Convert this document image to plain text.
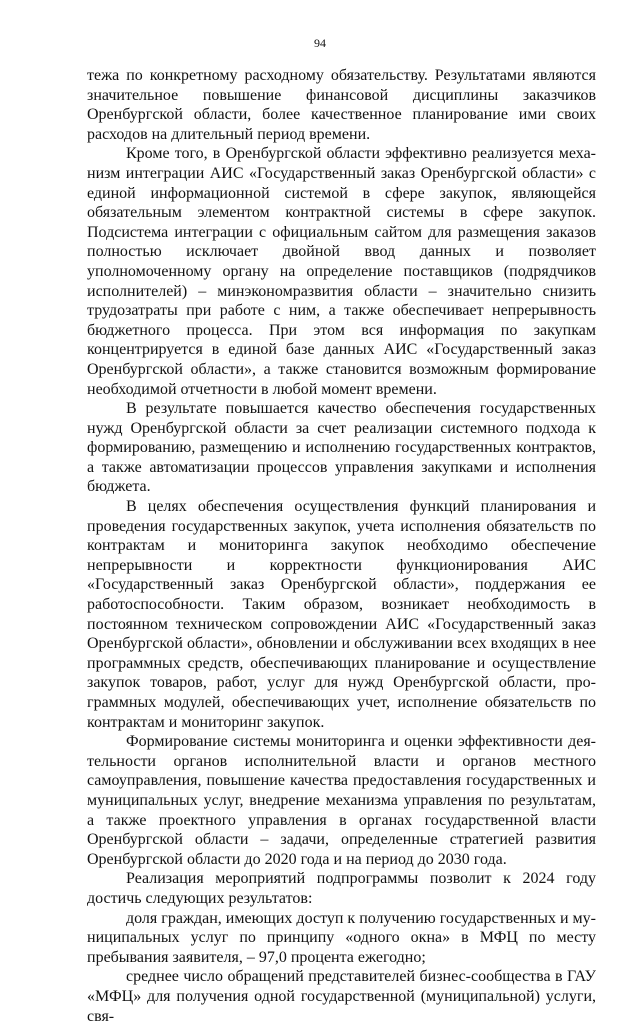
94

тежа по конкретному расходному обязательству. Результатами являются значительное повышение финансовой дисциплины заказчиков Оренбургской области, более качественное планирование ими своих расходов на длительный период времени.

Кроме того, в Оренбургской области эффективно реализуется механизм интеграции АИС «Государственный заказ Оренбургской области» с единой информационной системой в сфере закупок, являющейся обязательным элементом контрактной системы в сфере закупок. Подсистема интеграции с официальным сайтом для размещения заказов полностью исключает двойной ввод данных и позволяет уполномоченному органу на определение поставщиков (подрядчиков исполнителей) – минэкономразвития области – значительно снизить трудозатраты при работе с ним, а также обеспечивает непрерывность бюджетного процесса. При этом вся информация по закупкам концентрируется в единой базе данных АИС «Государственный заказ Оренбургской области», а также становится возможным формирование необходимой отчетности в любой момент времени.

В результате повышается качество обеспечения государственных нужд Оренбургской области за счет реализации системного подхода к формированию, размещению и исполнению государственных контрактов, а также автоматизации процессов управления закупками и исполнения бюджета.

В целях обеспечения осуществления функций планирования и проведения государственных закупок, учета исполнения обязательств по контрактам и мониторинга закупок необходимо обеспечение непрерывности и корректности функционирования АИС «Государственный заказ Оренбургской области», поддержания ее работоспособности. Таким образом, возникает необходимость в постоянном техническом сопровождении АИС «Государственный заказ Оренбургской области», обновлении и обслуживании всех входящих в нее программных средств, обеспечивающих планирование и осуществление закупок товаров, работ, услуг для нужд Оренбургской области, программных модулей, обеспечивающих учет, исполнение обязательств по контрактам и мониторинг закупок.

Формирование системы мониторинга и оценки эффективности деятельности органов исполнительной власти и органов местного самоуправления, повышение качества предоставления государственных и муниципальных услуг, внедрение механизма управления по результатам, а также проектного управления в органах государственной власти Оренбургской области – задачи, определенные стратегией развития Оренбургской области до 2020 года и на период до 2030 года.

Реализация мероприятий подпрограммы позволит к 2024 году достичь следующих результатов:

доля граждан, имеющих доступ к получению государственных и муниципальных услуг по принципу «одного окна» в МФЦ по месту пребывания заявителя, – 97,0 процента ежегодно;

среднее число обращений представителей бизнес-сообщества в ГАУ «МФЦ» для получения одной государственной (муниципальной) услуги, свя-
